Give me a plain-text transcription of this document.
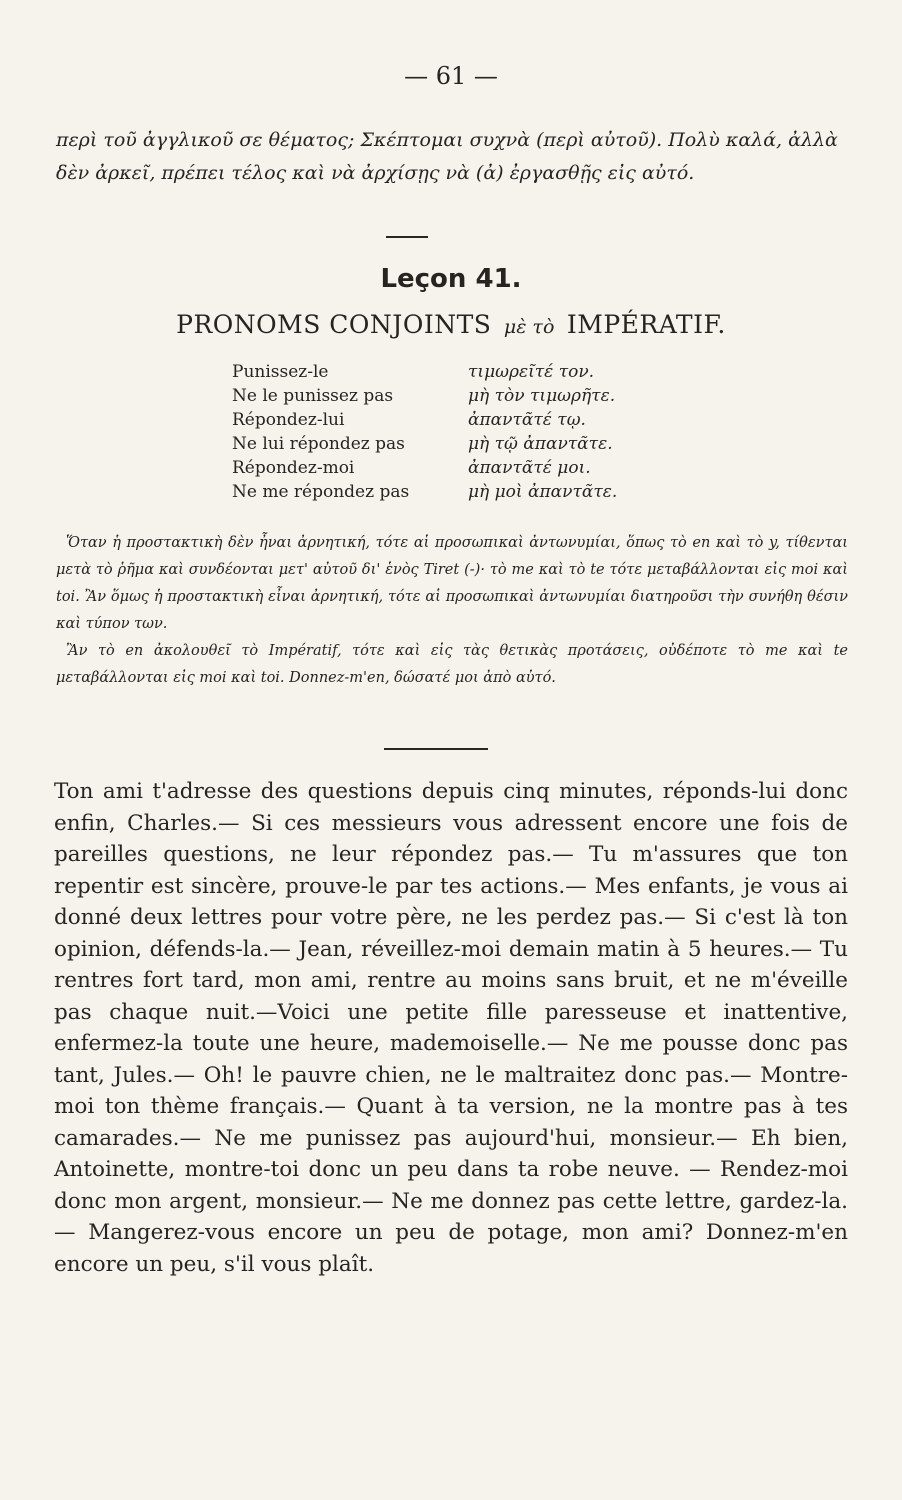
— 61 —
περὶ τοῦ ἀγγλικοῦ σε θέματος; Σκέπτομαι συχνὰ (περὶ αὐτοῦ). Πολὺ καλά, ἀλλὰ δὲν ἀρκεῖ, πρέπει τέλος καὶ νὰ ἀρχίσῃς νὰ (ἀ) ἐργασθῇς εἰς αὐτό.
Leçon 41.
PRONOMS CONJOINTS μὲ τὸ IMPÉRATIF.
Punissez-le	τιμωρεῖτέ τον.
Ne le punissez pas	μὴ τὸν τιμωρῆτε.
Répondez-lui	ἀπαντᾶτέ τῳ.
Ne lui répondez pas	μὴ τῷ ἀπαντᾶτε.
Répondez-moi	ἀπαντᾶτέ μοι.
Ne me répondez pas	μὴ μοὶ ἀπαντᾶτε.

Ὅταν ἡ προστακτικὴ δὲν ἦναι ἀρνητική, τότε αἱ προσωπικαὶ ἀντωνυμίαι, ὅπως τὸ en καὶ τὸ y, τίθενται μετὰ τὸ ῥῆμα καὶ συνδέονται μετ' αὐτοῦ δι' ἑνὸς Tiret (-)· τὸ me καὶ τὸ te τότε μεταβάλλονται εἰς moi καὶ toi. Ἂν ὅμως ἡ προστακτικὴ εἶναι ἀρνητική, τότε αἱ προσωπικαὶ ἀντωνυμίαι διατηροῦσι τὴν συνήθη θέσιν καὶ τύπον των.

Ἂν τὸ en ἀκολουθεῖ τὸ Impératif, τότε καὶ εἰς τὰς θετικὰς προτάσεις, οὐδέποτε τὸ me καὶ te μεταβάλλονται εἰς moi καὶ toi. Donnez-m'en, δώσατέ μοι ἀπὸ αὐτό.

Ton ami t'adresse des questions depuis cinq minutes, réponds-lui donc enfin, Charles.— Si ces messieurs vous adressent encore une fois de pareilles questions, ne leur répondez pas.— Tu m'assures que ton repentir est sincère, prouve-le par tes actions.— Mes enfants, je vous ai donné deux lettres pour votre père, ne les perdez pas.— Si c'est là ton opinion, défends-la.— Jean, réveillez-moi demain matin à 5 heures.— Tu rentres fort tard, mon ami, rentre au moins sans bruit, et ne m'éveille pas chaque nuit.—Voici une petite fille paresseuse et inattentive, enfermez-la toute une heure, mademoiselle.— Ne me pousse donc pas tant, Jules.— Oh! le pauvre chien, ne le maltraitez donc pas.— Montre-moi ton thème français.— Quant à ta version, ne la montre pas à tes camarades.— Ne me punissez pas aujourd'hui, monsieur.— Eh bien, Antoinette, montre-toi donc un peu dans ta robe neuve. — Rendez-moi donc mon argent, monsieur.— Ne me donnez pas cette lettre, gardez-la.— Mangerez-vous encore un peu de potage, mon ami? Donnez-m'en encore un peu, s'il vous plaît.
